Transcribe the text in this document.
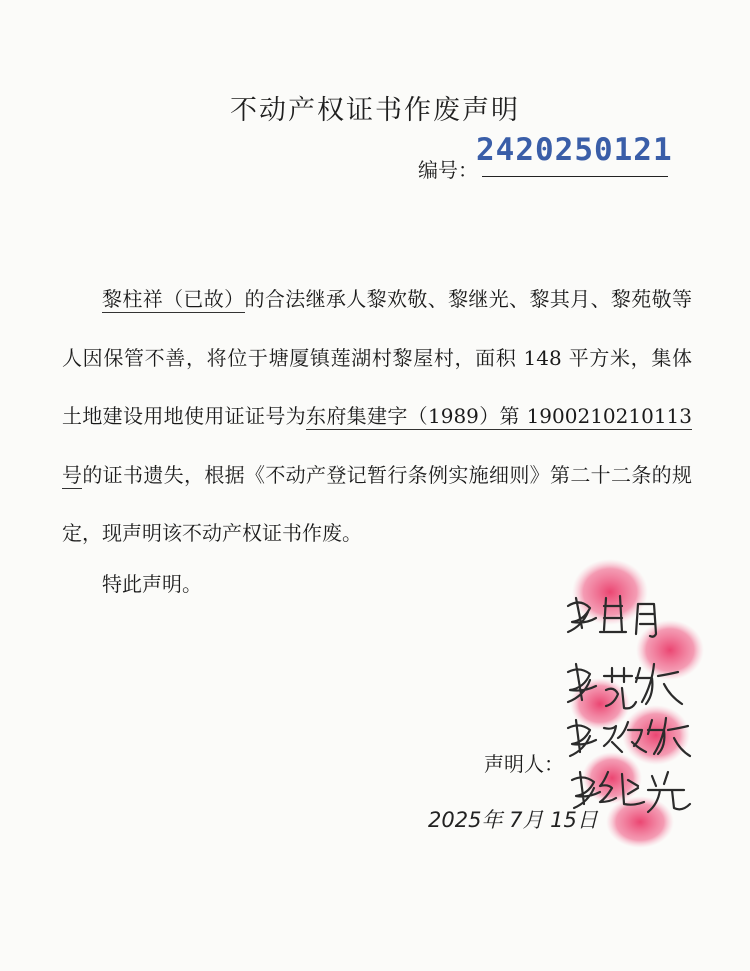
不动产权证书作废声明
编号：
2420250121

黎柱祥（已故）的合法继承人黎欢敬、黎继光、黎其月、黎苑敬等人因保管不善，将位于塘厦镇莲湖村黎屋村，面积 148 平方米，集体土地建设用地使用证证号为东府集建字（1989）第 1900210210113 号的证书遗失，根据《不动产登记暂行条例实施细则》第二十二条的规定，现声明该不动产权证书作废。

特此声明。
声明人：
2025年 7月 15日
